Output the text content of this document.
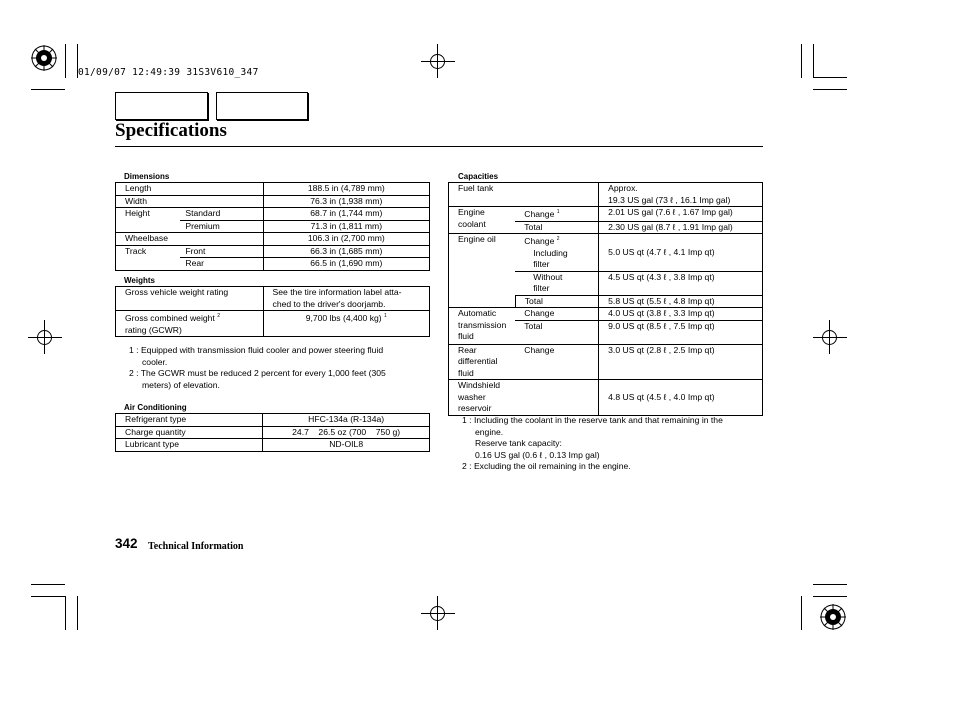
01/09/07 12:49:39 31S3V610_347
Specifications
Dimensions
Length		188.5 in (4,789 mm)
Width		76.3 in (1,938 mm)
Height	Standard	68.7 in (1,744 mm)
	Premium	71.3 in (1,811 mm)
Wheelbase		106.3 in (2,700 mm)
Track	Front	66.3 in (1,685 mm)
	Rear	66.5 in (1,690 mm)
Weights
Gross vehicle weight rating	See the tire information label atta-
ched to the driver's doorjamb.

Gross combined weight $^2$
rating (GCWR)	9,700 lbs (4,400 kg) $^1$
1 : Equipped with transmission fluid cooler and power steering fluid
cooler.
2 : The GCWR must be reduced 2 percent for every 1,000 feet (305
meters) of elevation.
Air Conditioning
Refrigerant type	HFC-134a (R-134a)
Charge quantity	24.7    26.5 oz (700    750 g)
Lubricant type	ND-OIL8
Capacities
Fuel tank		Approx.
19.3 US gal (73 ℓ , 16.1 Imp gal)

Engine
coolant	Change $^1$	2.01 US gal (7.6 ℓ , 1.67 Imp gal)
	Total	2.30 US gal (8.7 ℓ , 1.91 Imp gal)
Engine oil	Change $^2$
Including
filter	5.0 US qt (4.7 ℓ , 4.1 Imp qt)

	Without
filter	4.5 US qt (4.3 ℓ , 3.8 Imp qt)
	Total	5.8 US qt (5.5 ℓ , 4.8 Imp qt)

Automatic
transmission
fluid	Change	4.0 US qt (3.8 ℓ , 3.3 Imp qt)
	Total	9.0 US qt (8.5 ℓ , 7.5 Imp qt)

Rear
differential
fluid	Change	3.0 US qt (2.8 ℓ , 2.5 Imp qt)

Windshield
washer
reservoir		4.8 US qt (4.5 ℓ , 4.0 Imp qt)
1 : Including the coolant in the reserve tank and that remaining in the
engine.
Reserve tank capacity:
0.16 US gal (0.6 ℓ , 0.13 Imp gal)
2 : Excluding the oil remaining in the engine.
342 Technical Information
